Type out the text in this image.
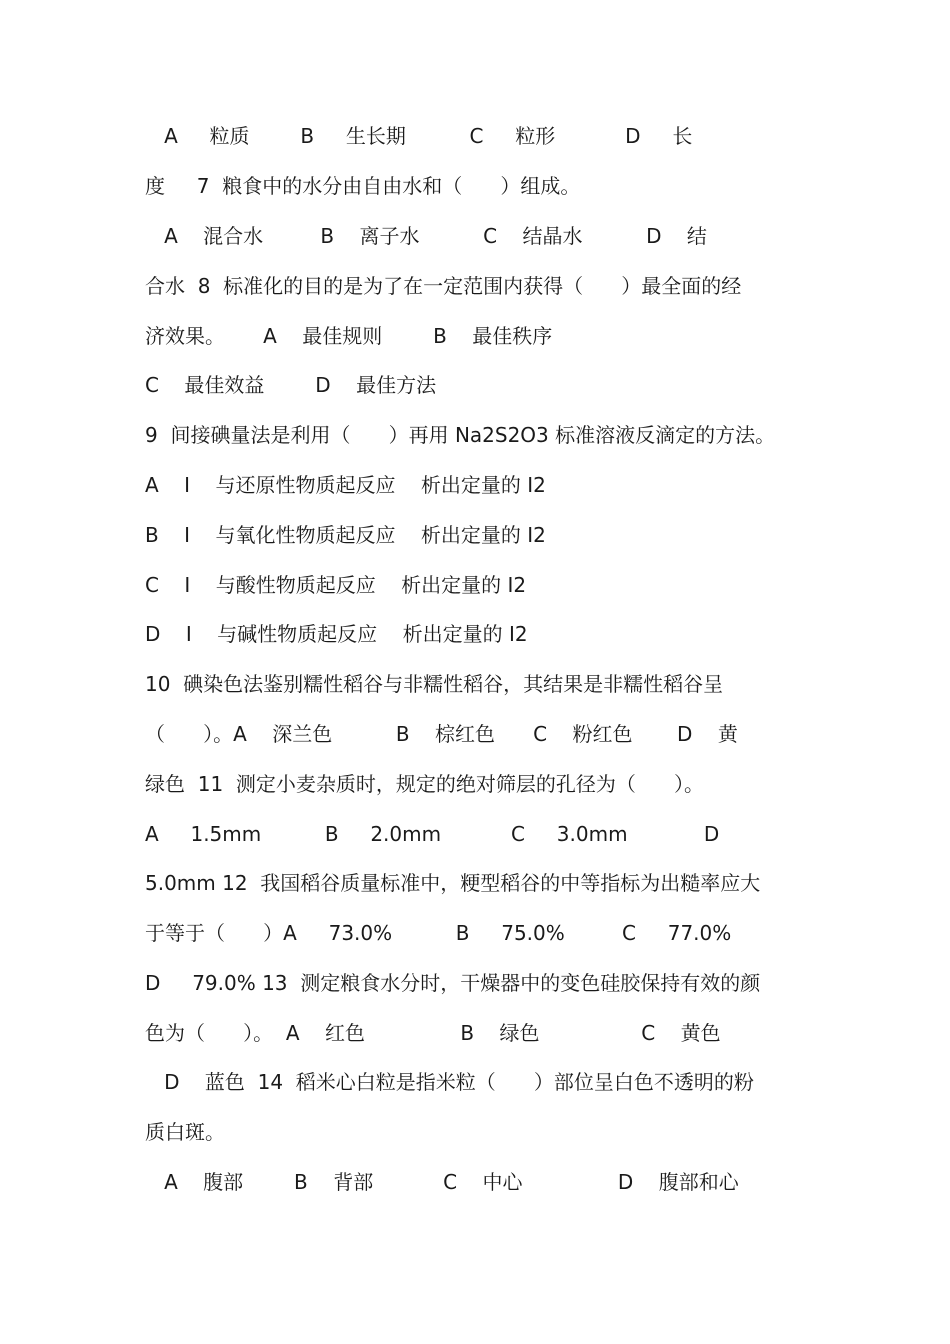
A     粒质        B     生长期          C     粒形           D     长
度     7  粮食中的水分由自由水和（      ）组成。
A    混合水         B    离子水          C    结晶水          D    结
合水  8  标准化的目的是为了在一定范围内获得（      ）最全面的经
济效果。      A    最佳规则        B    最佳秩序
C    最佳效益        D    最佳方法
9  间接碘量法是利用（      ）再用 Na2S2O3 标准溶液反滴定的方法。
A    I    与还原性物质起反应    析出定量的 I2
B    I    与氧化性物质起反应    析出定量的 I2
C    I    与酸性物质起反应    析出定量的 I2
D    I    与碱性物质起反应    析出定量的 I2
10  碘染色法鉴别糯性稻谷与非糯性稻谷，其结果是非糯性稻谷呈
（      ）。A    深兰色          B    棕红色      C    粉红色       D    黄
绿色  11  测定小麦杂质时，规定的绝对筛层的孔径为（      ）。
A     1.5mm          B     2.0mm           C     3.0mm            D
5.0mm 12  我国稻谷质量标准中，粳型稻谷的中等指标为出糙率应大
于等于（      ）A     73.0%          B     75.0%         C     77.0%
D     79.0% 13  测定粮食水分时，干燥器中的变色硅胶保持有效的颜
色为（      ）。  A    红色               B    绿色                C    黄色
D    蓝色  14  稻米心白粒是指米粒（      ）部位呈白色不透明的粉
质白斑。
A    腹部        B    背部           C    中心               D    腹部和心
